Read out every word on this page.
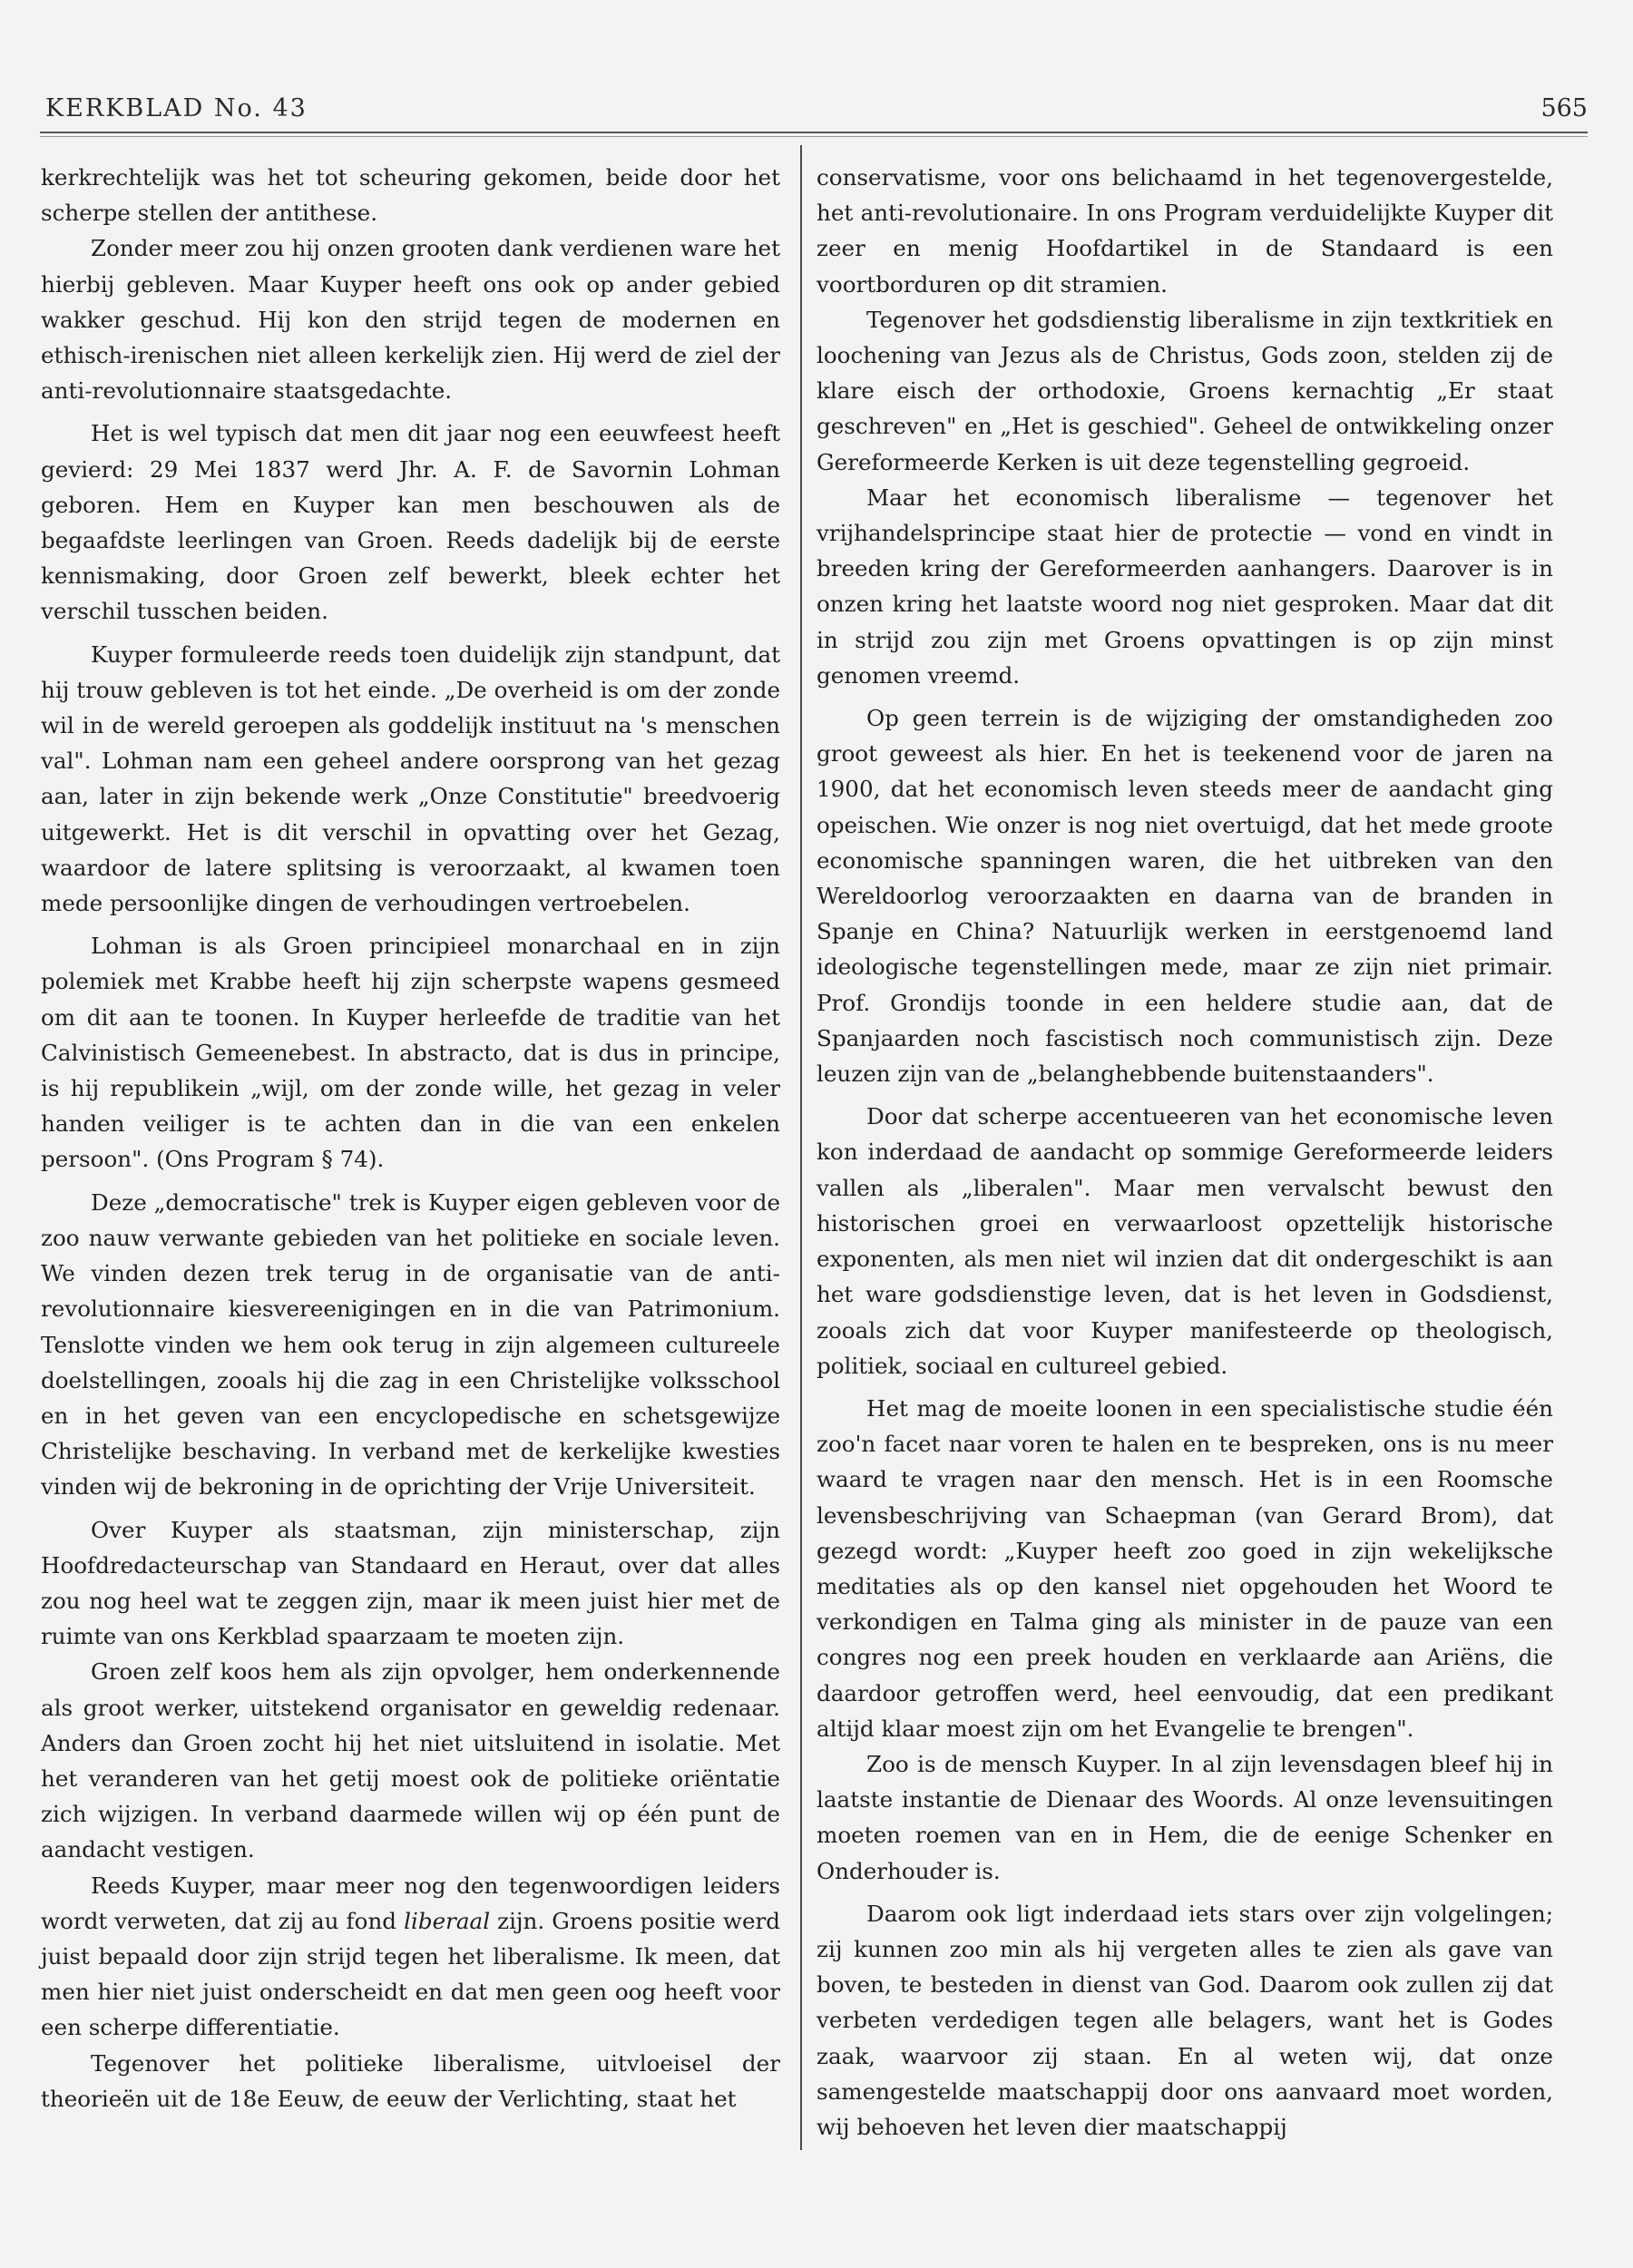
KERKBLAD No. 43	565

kerkrechtelijk was het tot scheuring gekomen, beide door het scherpe stellen der antithese.

Zonder meer zou hij onzen grooten dank verdienen ware het hierbij gebleven. Maar Kuyper heeft ons ook op ander gebied wakker geschud. Hij kon den strijd tegen de modernen en ethisch-irenischen niet alleen kerkelijk zien. Hij werd de ziel der anti-revolutionnaire staatsgedachte.

Het is wel typisch dat men dit jaar nog een eeuwfeest heeft gevierd: 29 Mei 1837 werd Jhr. A. F. de Savornin Lohman geboren. Hem en Kuyper kan men beschouwen als de begaafdste leerlingen van Groen. Reeds dadelijk bij de eerste kennismaking, door Groen zelf bewerkt, bleek echter het verschil tusschen beiden.

Kuyper formuleerde reeds toen duidelijk zijn standpunt, dat hij trouw gebleven is tot het einde. „De overheid is om der zonde wil in de wereld geroepen als goddelijk instituut na 's menschen val". Lohman nam een geheel andere oorsprong van het gezag aan, later in zijn bekende werk „Onze Constitutie" breedvoerig uitgewerkt. Het is dit verschil in opvatting over het Gezag, waardoor de latere splitsing is veroorzaakt, al kwamen toen mede persoonlijke dingen de verhoudingen vertroebelen.

Lohman is als Groen principieel monarchaal en in zijn polemiek met Krabbe heeft hij zijn scherpste wapens gesmeed om dit aan te toonen. In Kuyper herleefde de traditie van het Calvinistisch Gemeenebest. In abstracto, dat is dus in principe, is hij republikein „wijl, om der zonde wille, het gezag in veler handen veiliger is te achten dan in die van een enkelen persoon". (Ons Program § 74).

Deze „democratische" trek is Kuyper eigen gebleven voor de zoo nauw verwante gebieden van het politieke en sociale leven. We vinden dezen trek terug in de organisatie van de anti-revolutionnaire kiesvereenigingen en in die van Patrimonium. Tenslotte vinden we hem ook terug in zijn algemeen cultureele doelstellingen, zooals hij die zag in een Christelijke volksschool en in het geven van een encyclopedische en schetsgewijze Christelijke beschaving. In verband met de kerkelijke kwesties vinden wij de bekroning in de oprichting der Vrije Universiteit.

Over Kuyper als staatsman, zijn ministerschap, zijn Hoofdredacteurschap van Standaard en Heraut, over dat alles zou nog heel wat te zeggen zijn, maar ik meen juist hier met de ruimte van ons Kerkblad spaarzaam te moeten zijn.

Groen zelf koos hem als zijn opvolger, hem onderkennende als groot werker, uitstekend organisator en geweldig redenaar. Anders dan Groen zocht hij het niet uitsluitend in isolatie. Met het veranderen van het getij moest ook de politieke oriëntatie zich wijzigen. In verband daarmede willen wij op één punt de aandacht vestigen.

Reeds Kuyper, maar meer nog den tegenwoordigen leiders wordt verweten, dat zij au fond liberaal zijn. Groens positie werd juist bepaald door zijn strijd tegen het liberalisme. Ik meen, dat men hier niet juist onderscheidt en dat men geen oog heeft voor een scherpe differentiatie.

Tegenover het politieke liberalisme, uitvloeisel der theorieën uit de 18e Eeuw, de eeuw der Verlichting, staat het

conservatisme, voor ons belichaamd in het tegenovergestelde, het anti-revolutionaire. In ons Program verduidelijkte Kuyper dit zeer en menig Hoofdartikel in de Standaard is een voortborduren op dit stramien.

Tegenover het godsdienstig liberalisme in zijn textkritiek en loochening van Jezus als de Christus, Gods zoon, stelden zij de klare eisch der orthodoxie, Groens kernachtig „Er staat geschreven" en „Het is geschied". Geheel de ontwikkeling onzer Gereformeerde Kerken is uit deze tegenstelling gegroeid.

Maar het economisch liberalisme — tegenover het vrijhandelsprincipe staat hier de protectie — vond en vindt in breeden kring der Gereformeerden aanhangers. Daarover is in onzen kring het laatste woord nog niet gesproken. Maar dat dit in strijd zou zijn met Groens opvattingen is op zijn minst genomen vreemd.

Op geen terrein is de wijziging der omstandigheden zoo groot geweest als hier. En het is teekenend voor de jaren na 1900, dat het economisch leven steeds meer de aandacht ging opeischen. Wie onzer is nog niet overtuigd, dat het mede groote economische spanningen waren, die het uitbreken van den Wereldoorlog veroorzaakten en daarna van de branden in Spanje en China? Natuurlijk werken in eerstgenoemd land ideologische tegenstellingen mede, maar ze zijn niet primair. Prof. Grondijs toonde in een heldere studie aan, dat de Spanjaarden noch fascistisch noch communistisch zijn. Deze leuzen zijn van de „belanghebbende buitenstaanders".

Door dat scherpe accentueeren van het economische leven kon inderdaad de aandacht op sommige Gereformeerde leiders vallen als „liberalen". Maar men vervalscht bewust den historischen groei en verwaarloost opzettelijk historische exponenten, als men niet wil inzien dat dit ondergeschikt is aan het ware godsdienstige leven, dat is het leven in Godsdienst, zooals zich dat voor Kuyper manifesteerde op theologisch, politiek, sociaal en cultureel gebied.

Het mag de moeite loonen in een specialistische studie één zoo'n facet naar voren te halen en te bespreken, ons is nu meer waard te vragen naar den mensch. Het is in een Roomsche levensbeschrijving van Schaepman (van Gerard Brom), dat gezegd wordt: „Kuyper heeft zoo goed in zijn wekelijksche meditaties als op den kansel niet opgehouden het Woord te verkondigen en Talma ging als minister in de pauze van een congres nog een preek houden en verklaarde aan Ariëns, die daardoor getroffen werd, heel eenvoudig, dat een predikant altijd klaar moest zijn om het Evangelie te brengen".

Zoo is de mensch Kuyper. In al zijn levensdagen bleef hij in laatste instantie de Dienaar des Woords. Al onze levensuitingen moeten roemen van en in Hem, die de eenige Schenker en Onderhouder is.

Daarom ook ligt inderdaad iets stars over zijn volgelingen; zij kunnen zoo min als hij vergeten alles te zien als gave van boven, te besteden in dienst van God. Daarom ook zullen zij dat verbeten verdedigen tegen alle belagers, want het is Godes zaak, waarvoor zij staan. En al weten wij, dat onze samengestelde maatschappij door ons aanvaard moet worden, wij behoeven het leven dier maatschappij
